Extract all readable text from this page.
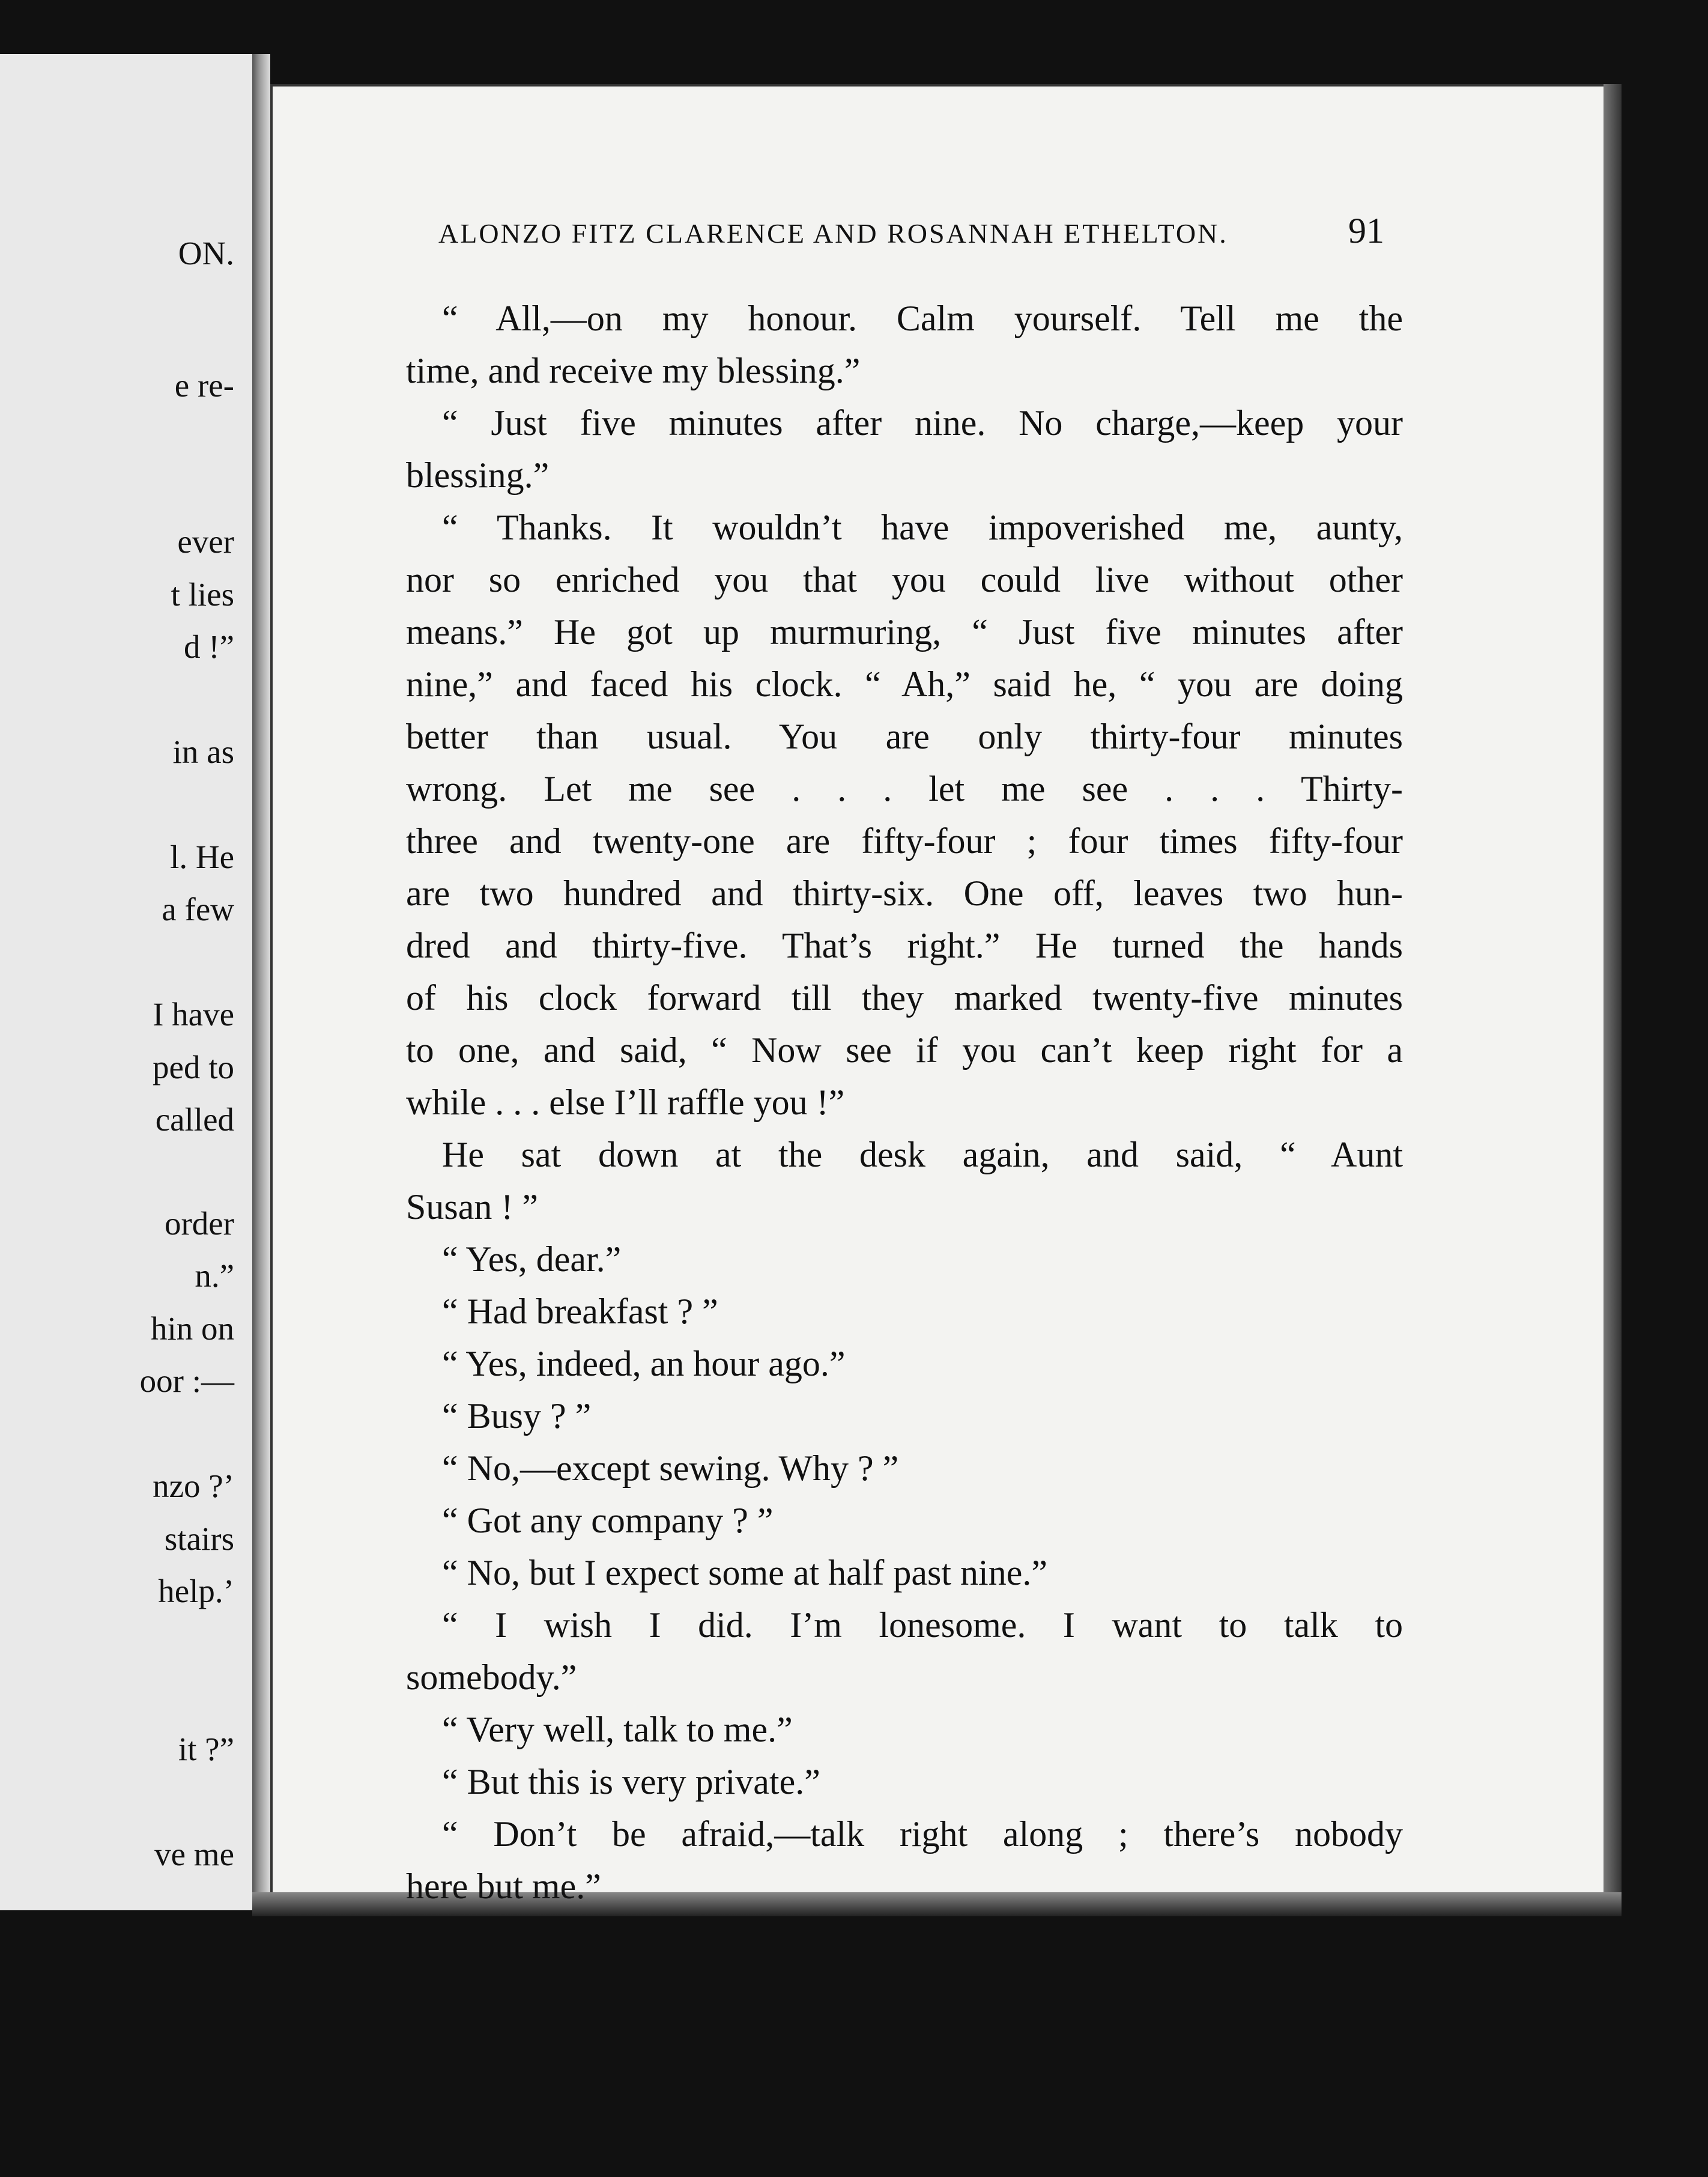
ON.
e re-
ever
t lies
d !”
in as
l. He
a few
I have
ped to
called
order
n.”
hin on
oor :—
nzo ?’
stairs
help.’
it ?”
ve me
ALONZO FITZ CLARENCE AND ROSANNAH ETHELTON.	91
“ All,—on my honour. Calm yourself. Tell me the
time, and receive my blessing.”
“ Just five minutes after nine. No charge,—keep your
blessing.”
“ Thanks. It wouldn’t have impoverished me, aunty,
nor so enriched you that you could live without other
means.” He got up murmuring, “ Just five minutes after
nine,” and faced his clock. “ Ah,” said he, “ you are doing
better than usual. You are only thirty-four minutes
wrong. Let me see . . . let me see . . . Thirty-
three and twenty-one are fifty-four ; four times fifty-four
are two hundred and thirty-six. One off, leaves two hun-
dred and thirty-five. That’s right.” He turned the hands
of his clock forward till they marked twenty-five minutes
to one, and said, “ Now see if you can’t keep right for a
while . . . else I’ll raffle you !”
He sat down at the desk again, and said, “ Aunt
Susan ! ”
“ Yes, dear.”
“ Had breakfast ? ”
“ Yes, indeed, an hour ago.”
“ Busy ? ”
“ No,—except sewing. Why ? ”
“ Got any company ? ”
“ No, but I expect some at half past nine.”
“ I wish I did. I’m lonesome. I want to talk to
somebody.”
“ Very well, talk to me.”
“ But this is very private.”
“ Don’t be afraid,—talk right along ; there’s nobody
here but me.”
